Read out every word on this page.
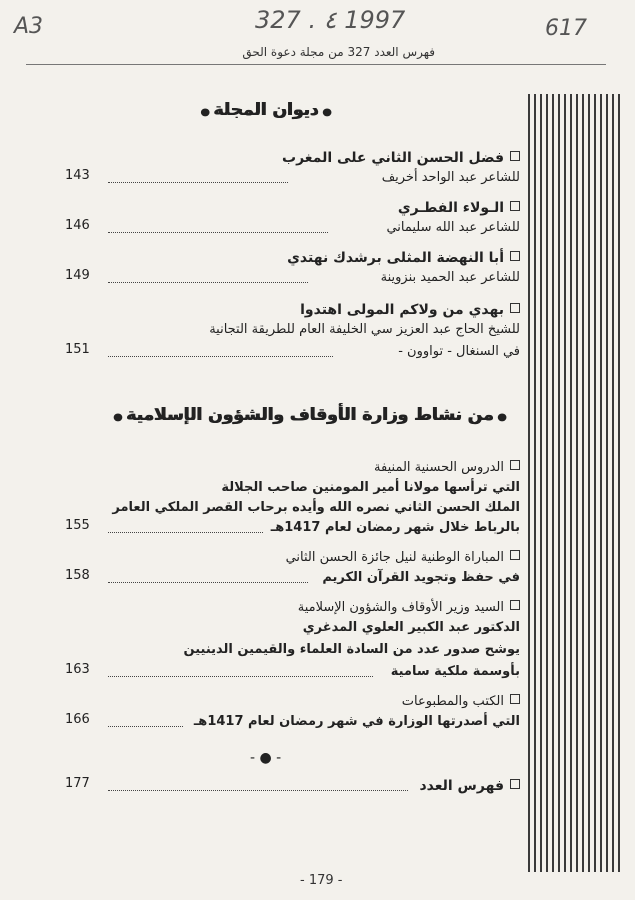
A3	327 . ٤ 1997	617
فهرس العدد 327 من مجلة دعوة الحق
●ديوان المجلة●
فضل الحسن الثاني على المغرب
للشاعر عبد الواحد أخريف
143
الـولاء الفطـري
للشاعر عبد الله سليماني
146
أبا النهضة المثلى برشدك نهتدي
للشاعر عبد الحميد بنزوينة
149
بهدي من ولاكم المولى اهتدوا
للشيخ الحاج عبد العزيز سي الخليفة العام للطريقة التجانية
في السنغال - تواوون -
151
●من نشاط وزارة الأوقاف والشؤون الإسلامية●
الدروس الحسنية المنيفة
التي ترأسها مولانا أمير المومنين صاحب الجلالة
الملك الحسن الثاني نصره الله وأيده برحاب القصر الملكي العامر
بالرباط خلال شهر رمضان لعام 1417هـ
155
المباراة الوطنية لنيل جائزة الحسن الثاني
في حفظ وتجويد القرآن الكريم
158
السيد وزير الأوقاف والشؤون الإسلامية
الدكتور عبد الكبير العلوي المدغري
يوشح صدور عدد من السادة العلماء والقيمين الدينيين
بأوسمة ملكية سامية
163
الكتب والمطبوعات
التي أصدرتها الوزارة في شهر رمضان لعام 1417هـ
166
- ● -
فهرس العدد
177
- 179 -
